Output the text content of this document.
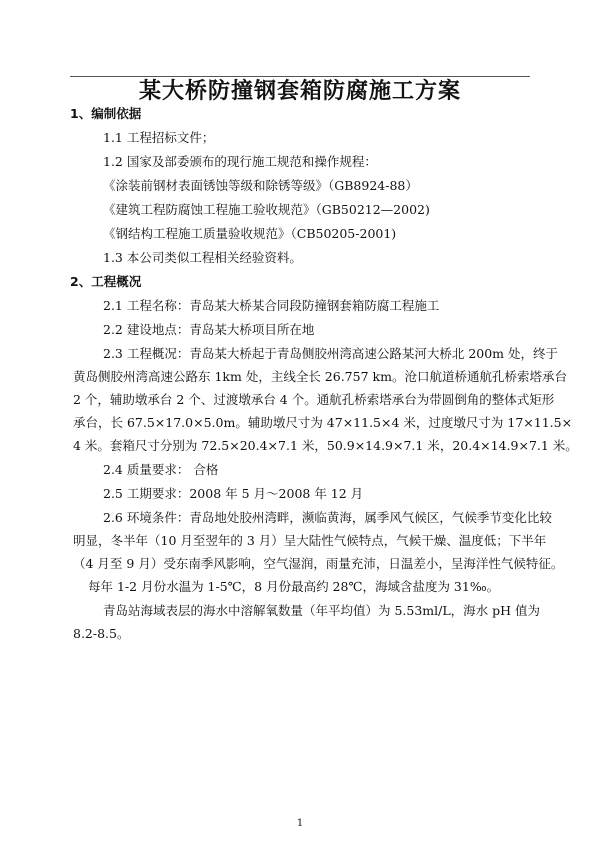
某大桥防撞钢套箱防腐施工方案
1、编制依据
1.1 工程招标文件；
1.2 国家及部委颁布的现行施工规范和操作规程：
《涂装前钢材表面锈蚀等级和除锈等级》（GB8924-88）
《建筑工程防腐蚀工程施工验收规范》（GB50212—2002)
《钢结构工程施工质量验收规范》（CB50205-2001)
1.3 本公司类似工程相关经验资料。
2、工程概况
2.1 工程名称：青岛某大桥某合同段防撞钢套箱防腐工程施工
2.2 建设地点：青岛某大桥项目所在地
2.3 工程概况：青岛某大桥起于青岛侧胶州湾高速公路某河大桥北 200m 处，终于
黄岛侧胶州湾高速公路东 1km 处，主线全长 26.757 km。沧口航道桥通航孔桥索塔承台
2 个，辅助墩承台 2 个、过渡墩承台 4 个。通航孔桥索塔承台为带圆倒角的整体式矩形
承台，长 67.5×17.0×5.0m。辅助墩尺寸为 47×11.5×4 米，过度墩尺寸为 17×11.5×
4 米。套箱尺寸分别为 72.5×20.4×7.1 米，50.9×14.9×7.1 米，20.4×14.9×7.1 米。
2.4 质量要求： 合格
2.5 工期要求：2008 年 5 月～2008 年 12 月
2.6 环境条件：青岛地处胶州湾畔，濒临黄海，属季风气候区，气候季节变化比较
明显，冬半年（10 月至翌年的 3 月）呈大陆性气候特点，气候干燥、温度低；下半年
（4 月至 9 月）受东南季风影响，空气湿润，雨量充沛，日温差小，呈海洋性气候特征。
每年 1-2 月份水温为 1-5℃，8 月份最高约 28℃，海域含盐度为 31‰。
青岛站海域表层的海水中溶解氧数量（年平均值）为 5.53ml/L，海水 pH 值为
8.2-8.5。
1
